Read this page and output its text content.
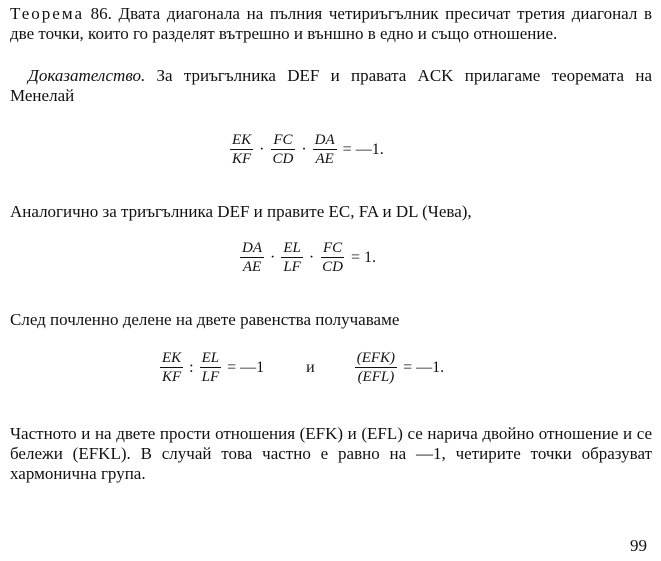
Теорема 86. Двата диагонала на пълния четириъгълник пресичат третия диагонал в две точки, които го разделят вътрешно и външно в едно и също отношение.

Доказателство. За триъгълника DEF и правата ACK прилагаме теоремата на Менелай

$\frac{EK}{KF} \cdot \frac{FC}{CD} \cdot \frac{DA}{AE}$ = —1.

Аналогично за триъгълника DEF и правите EC, FA и DL (Чева),

$\frac{DA}{AE} \cdot \frac{EL}{LF} \cdot \frac{FC}{CD} = 1$.

След почленно делене на двете равенства получаваме

$\frac{EK}{KF}$ : $\frac{EL}{LF}$ = —1	и	$\frac{\text{(EFK)}}{\text{(EFL)}}$ = —1.

Частното и на двете прости отношения (EFK) и (EFL) се нарича двойно отношение и се бележи (EFKL). В случай това частно е равно на —1, четирите точки образуват хармонична група.

99
